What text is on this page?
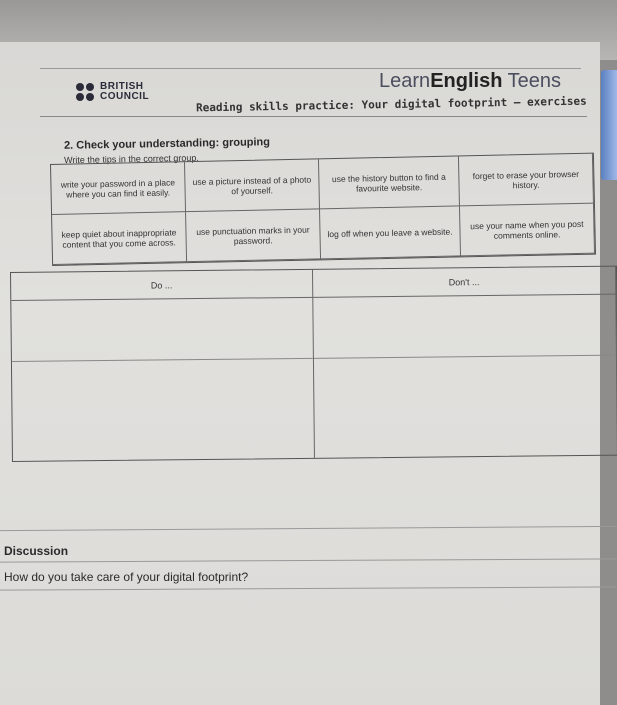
BRITISH
COUNCIL
LearnEnglish Teens
Reading skills practice: Your digital footprint – exercises
2. Check your understanding: grouping
Write the tips in the correct group.
write your password in a place where you can find it easily.
use a picture instead of a photo of yourself.
use the history button to find a favourite website.
forget to erase your browser history.
keep quiet about inappropriate content that you come across.
use punctuation marks in your password.
log off when you leave a website.
use your name when you post comments online.
Do ...	Don't ...
Discussion
How do you take care of your digital footprint?
